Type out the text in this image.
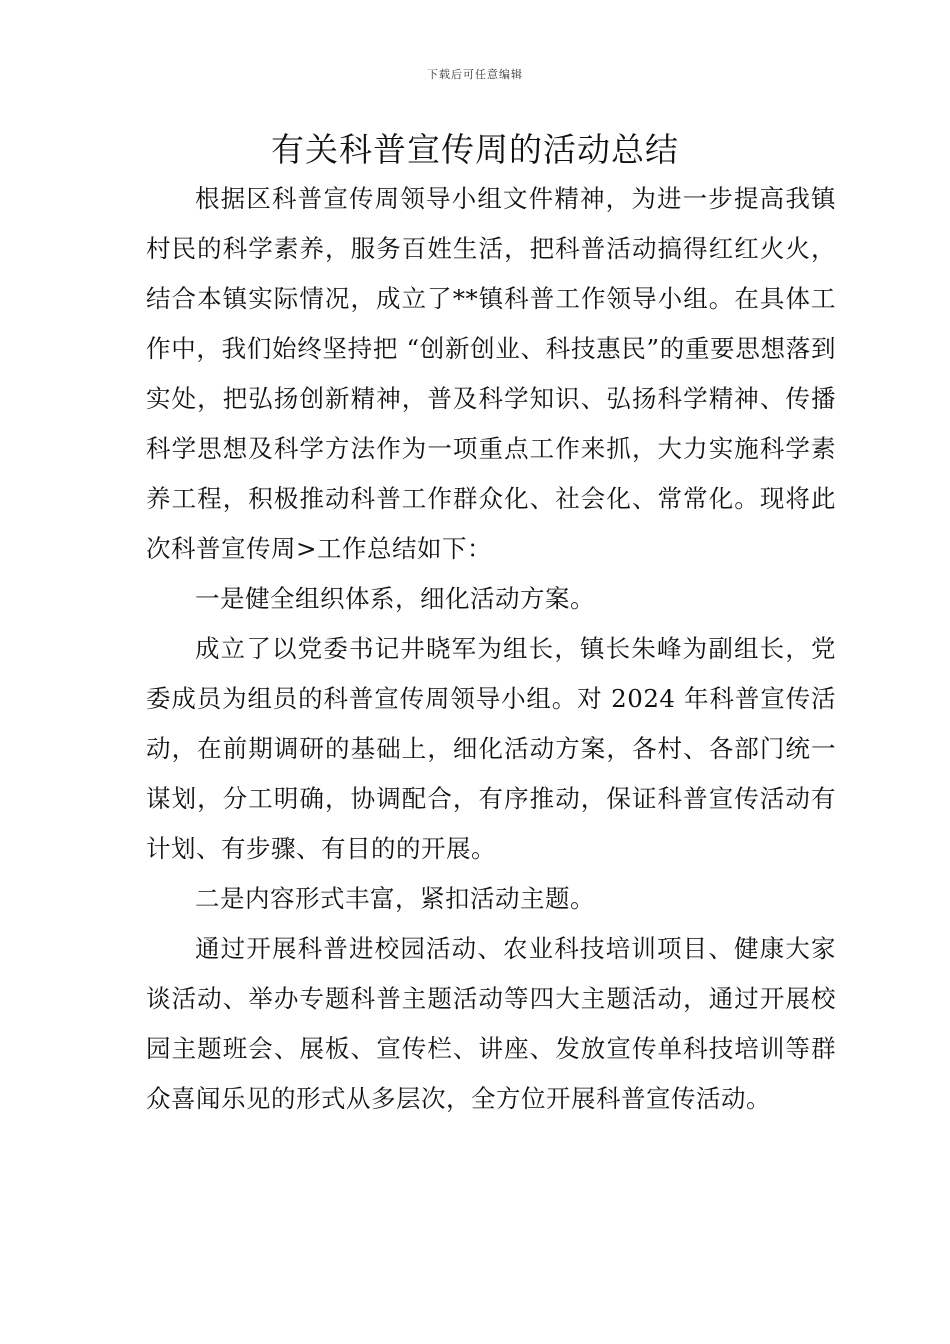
下载后可任意编辑
有关科普宣传周的活动总结

根据区科普宣传周领导小组文件精神，为进一步提高我镇村民的科学素养，服务百姓生活，把科普活动搞得红红火火，结合本镇实际情况，成立了**镇科普工作领导小组。在具体工作中，我们始终坚持把 “创新创业、科技惠民”的重要思想落到实处，把弘扬创新精神，普及科学知识、弘扬科学精神、传播科学思想及科学方法作为一项重点工作来抓，大力实施科学素养工程，积极推动科普工作群众化、社会化、常常化。现将此次科普宣传周>工作总结如下：

一是健全组织体系，细化活动方案。

成立了以党委书记井晓军为组长，镇长朱峰为副组长，党委成员为组员的科普宣传周领导小组。对 2024 年科普宣传活动，在前期调研的基础上，细化活动方案，各村、各部门统一谋划，分工明确，协调配合，有序推动，保证科普宣传活动有计划、有步骤、有目的的开展。

二是内容形式丰富，紧扣活动主题。

通过开展科普进校园活动、农业科技培训项目、健康大家谈活动、举办专题科普主题活动等四大主题活动，通过开展校园主题班会、展板、宣传栏、讲座、发放宣传单科技培训等群众喜闻乐见的形式从多层次，全方位开展科普宣传活动。
